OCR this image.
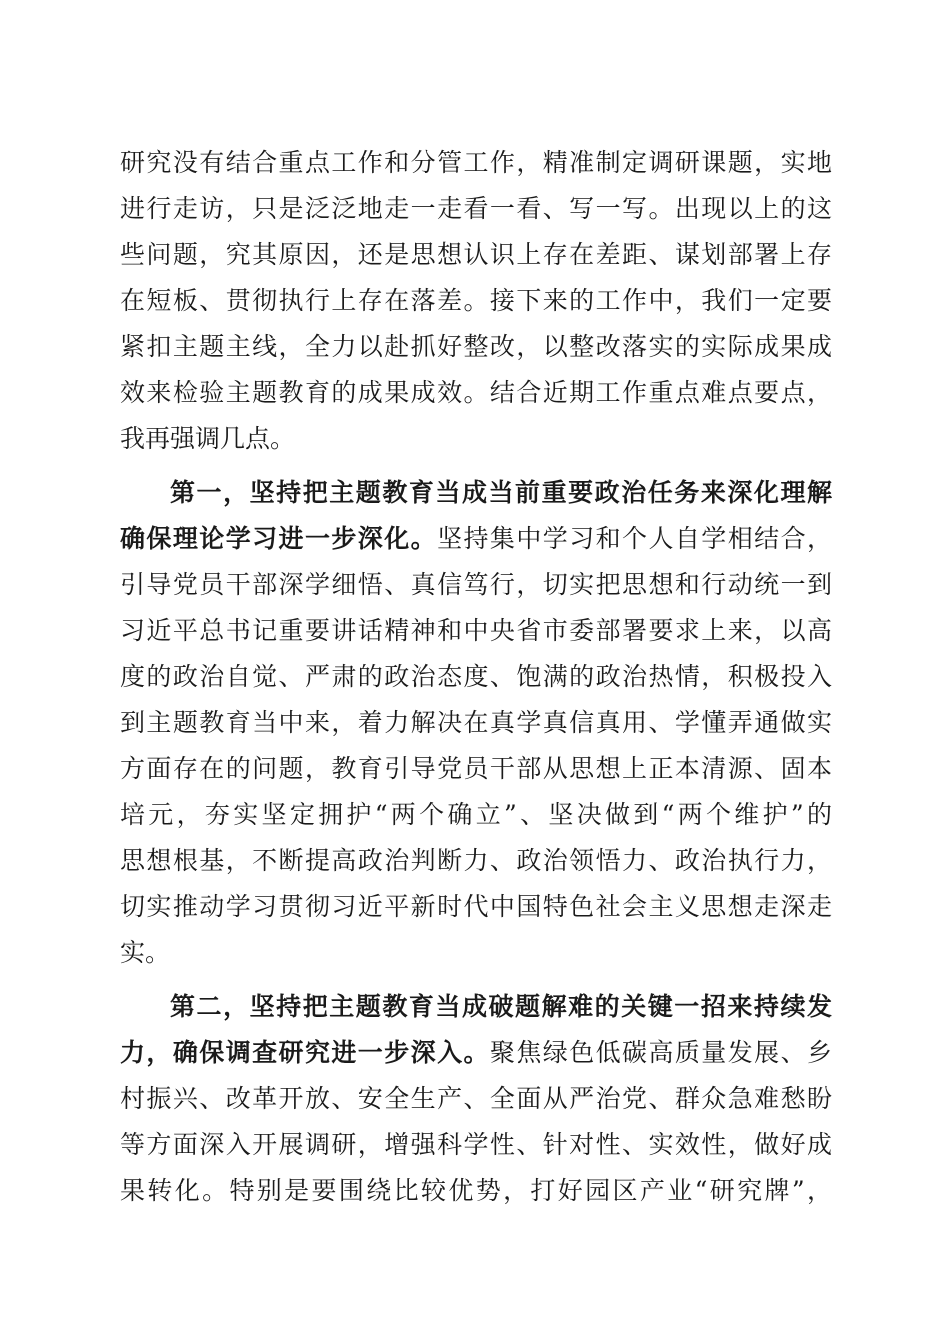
研究没有结合重点工作和分管工作，精准制定调研课题，实地
进行走访，只是泛泛地走一走看一看、写一写。出现以上的这
些问题，究其原因，还是思想认识上存在差距、谋划部署上存
在短板、贯彻执行上存在落差。接下来的工作中，我们一定要
紧扣主题主线，全力以赴抓好整改，以整改落实的实际成果成
效来检验主题教育的成果成效。结合近期工作重点难点要点，
我再强调几点。
第一，坚持把主题教育当成当前重要政治任务来深化理解
确保理论学习进一步深化。坚持集中学习和个人自学相结合，
引导党员干部深学细悟、真信笃行，切实把思想和行动统一到
习近平总书记重要讲话精神和中央省市委部署要求上来，以高
度的政治自觉、严肃的政治态度、饱满的政治热情，积极投入
到主题教育当中来，着力解决在真学真信真用、学懂弄通做实
方面存在的问题，教育引导党员干部从思想上正本清源、固本
培元，夯实坚定拥护“两个确立”、坚决做到“两个维护”的
思想根基，不断提高政治判断力、政治领悟力、政治执行力，
切实推动学习贯彻习近平新时代中国特色社会主义思想走深走
实。
第二，坚持把主题教育当成破题解难的关键一招来持续发
力，确保调查研究进一步深入。聚焦绿色低碳高质量发展、乡
村振兴、改革开放、安全生产、全面从严治党、群众急难愁盼
等方面深入开展调研，增强科学性、针对性、实效性，做好成
果转化。特别是要围绕比较优势，打好园区产业“研究牌”，
